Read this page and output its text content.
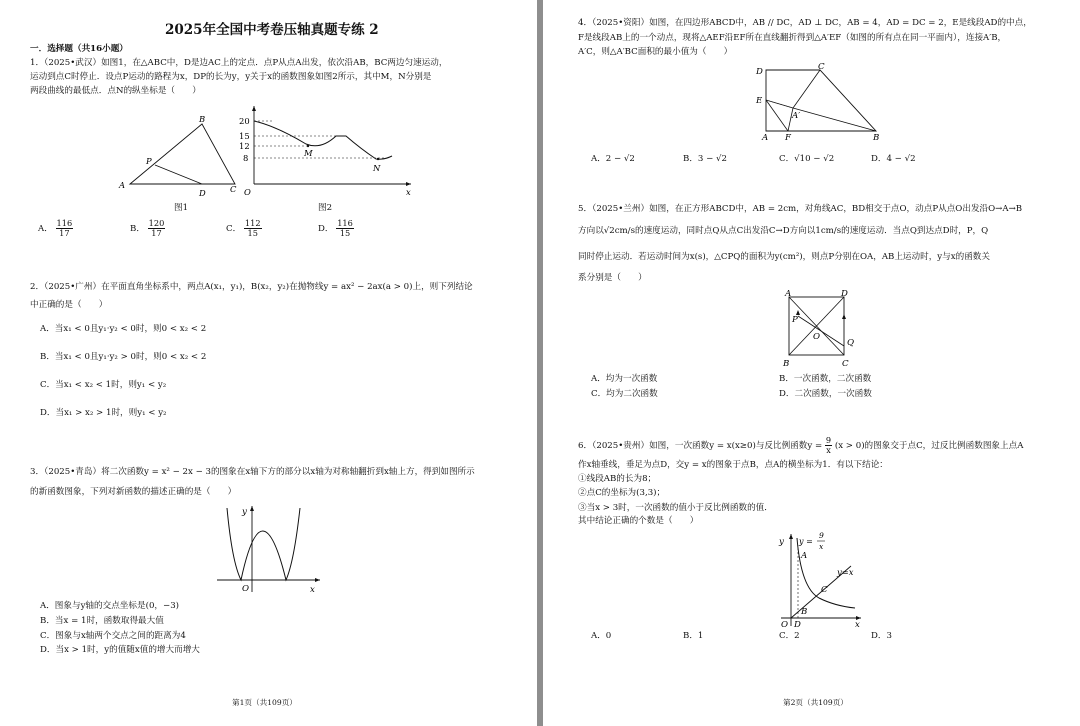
2025年全国中考卷压轴真题专练 2
一．选择题（共16小题）
1．（2025•武汉）如图1，在△ABC中，D是边AC上的定点．点P从点A出发，依次沿AB，BC两边匀速运动，
运动到点C时停止．设点P运动的路程为x，DP的长为y，y关于x的函数图象如图2所示，其中M，N分别是
两段曲线的最低点．点N的纵坐标是（　　）
A
B
C
D
P
图1
20
15
12
8
O	x
M
N
图2
A． $\frac{116}{17}$	B． $\frac{120}{17}$	C． $\frac{112}{15}$	D． $\frac{116}{15}$
2．（2025•广州）在平面直角坐标系中，两点A(x₁，y₁)，B(x₂，y₂)在抛物线y = ax² − 2ax(a > 0)上，则下列结论
中正确的是（　　）
A．当x₁ < 0且y₁·y₂ < 0时，则0 < x₂ < 2
B．当x₁ < 0且y₁·y₂ > 0时，则0 < x₂ < 2
C．当x₁ < x₂ < 1时，则y₁ < y₂
D．当x₁ > x₂ > 1时，则y₁ < y₂
3．（2025•青岛）将二次函数y = x² − 2x − 3的图象在x轴下方的部分以x轴为对称轴翻折到x轴上方，得到如图所示
的新函数图象，下列对新函数的描述正确的是（　　）
y
x
O
A．图象与y轴的交点坐标是(0，−3)
B．当x = 1时，函数取得最大值
C．图象与x轴两个交点之间的距离为4
D．当x > 1时，y的值随x值的增大而增大
第1页（共109页）
4．（2025•资阳）如图，在四边形ABCD中，AB // DC，AD ⊥ DC，AB = 4，AD = DC = 2，E是线段AD的中点，
F是线段AB上的一个动点，现将△AEF沿EF所在直线翻折得到△A′EF（如图的所有点在同一平面内），连接A′B，
A′C，则△A′BC面积的最小值为（　　）
D	C
E
A′
A F	B
A．2 − √2	B．3 − √2	C．√10 − √2	D．4 − √2
5．（2025•兰州）如图，在正方形ABCD中，AB = 2cm，对角线AC，BD相交于点O，动点P从点O出发沿O→A→B
方向以√2cm/s的速度运动，同时点Q从点C出发沿C→D方向以1cm/s的速度运动．当点Q到达点D时，P，Q
同时停止运动．若运动时间为x(s)，△CPQ的面积为y(cm²)，则点P分别在OA，AB上运动时，y与x的函数关
系分别是（　　）
A	D
P
O
Q
B	C
A．均为一次函数	B．一次函数，二次函数
C．均为二次函数	D．二次函数，一次函数
6．（2025•贵州）如图，一次函数y = x(x≥0)与反比例函数$y = \frac{9}{x} (x > 0)$的图象交于点C，过反比例函数图象上点A
作x轴垂线，垂足为点D，交y = x的图象于点B，点A的横坐标为1．有以下结论：
①线段AB的长为8；
②点C的坐标为(3,3)；
③当x > 3时，一次函数的值小于反比例函数的值．
其中结论正确的个数是（　　）
y y =
9
x
A
y=x
C
B
O D	x
A．0	B．1	C．2	D．3
第2页（共109页）
